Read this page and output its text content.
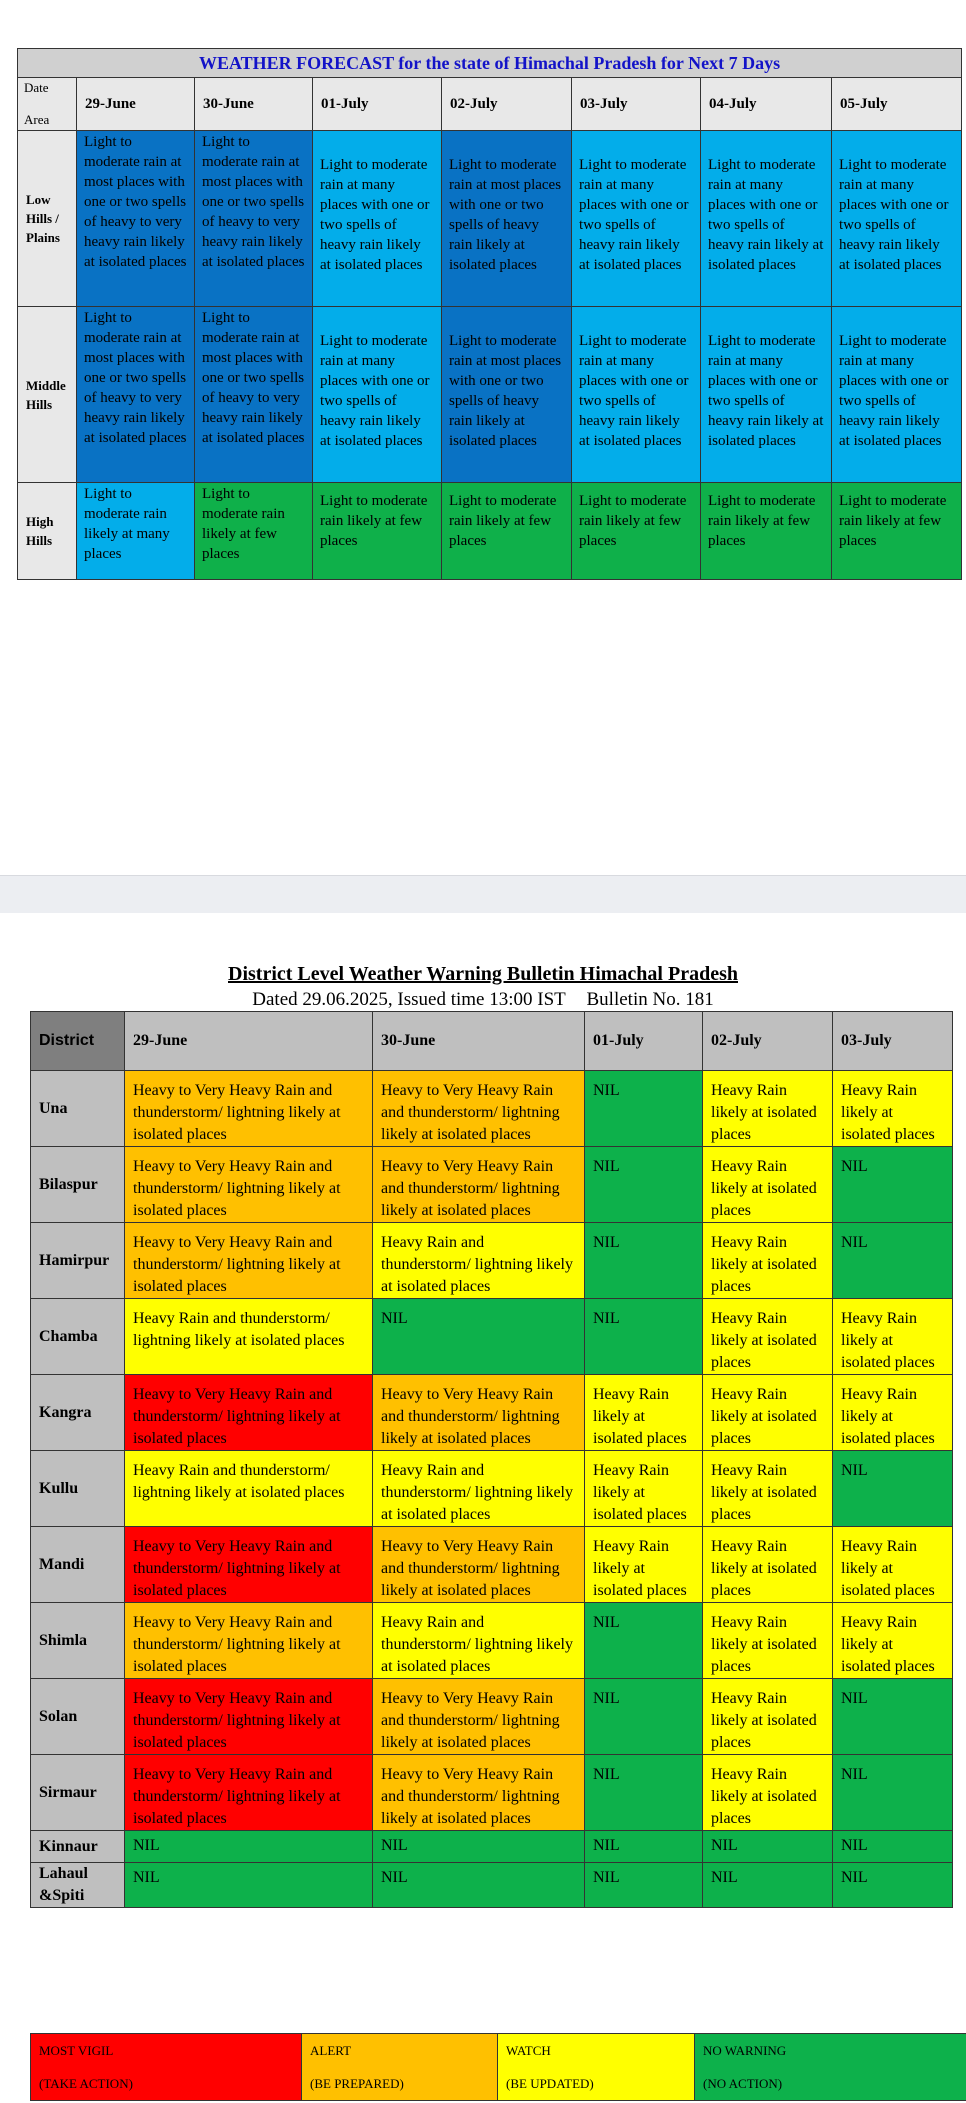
WEATHER FORECAST for the state of Himachal Pradesh for Next 7 Days							

Date
Area	29-June	30-June	01-July	02-July	03-July	04-July	05-July
Low Hills / Plains	Light to moderate rain at most places with one or two spells of heavy to very heavy rain likely at isolated places	Light to moderate rain at most places with one or two spells of heavy to very heavy rain likely at isolated places	Light to moderate rain at many places with one or two spells of heavy rain likely at isolated places	Light to moderate rain at most places with one or two spells of heavy rain likely at isolated places	Light to moderate rain at many places with one or two spells of heavy rain likely at isolated places	Light to moderate rain at many places with one or two spells of heavy rain likely at isolated places	Light to moderate rain at many places with one or two spells of heavy rain likely at isolated places
Middle Hills	Light to moderate rain at most places with one or two spells of heavy to very heavy rain likely at isolated places	Light to moderate rain at most places with one or two spells of heavy to very heavy rain likely at isolated places	Light to moderate rain at many places with one or two spells of heavy rain likely at isolated places	Light to moderate rain at most places with one or two spells of heavy rain likely at isolated places	Light to moderate rain at many places with one or two spells of heavy rain likely at isolated places	Light to moderate rain at many places with one or two spells of heavy rain likely at isolated places	Light to moderate rain at many places with one or two spells of heavy rain likely at isolated places
High Hills	Light to moderate rain likely at many places	Light to moderate rain likely at few places	Light to moderate rain likely at few places	Light to moderate rain likely at few places	Light to moderate rain likely at few places	Light to moderate rain likely at few places	Light to moderate rain likely at few places
District Level Weather Warning Bulletin Himachal Pradesh
Dated 29.06.2025, Issued time 13:00 IST Bulletin No. 181
District	29-June	30-June	01-July	02-July	03-July
Una	Heavy to Very Heavy Rain and thunderstorm/ lightning likely at isolated places	Heavy to Very Heavy Rain and thunderstorm/ lightning likely at isolated places	NIL	Heavy Rain likely at isolated places	Heavy Rain likely at isolated places
Bilaspur	Heavy to Very Heavy Rain and thunderstorm/ lightning likely at isolated places	Heavy to Very Heavy Rain and thunderstorm/ lightning likely at isolated places	NIL	Heavy Rain likely at isolated places	NIL
Hamirpur	Heavy to Very Heavy Rain and thunderstorm/ lightning likely at isolated places	Heavy Rain and thunderstorm/ lightning likely at isolated places	NIL	Heavy Rain likely at isolated places	NIL
Chamba	Heavy Rain and thunderstorm/ lightning likely at isolated places	NIL	NIL	Heavy Rain likely at isolated places	Heavy Rain likely at isolated places
Kangra	Heavy to Very Heavy Rain and thunderstorm/ lightning likely at isolated places	Heavy to Very Heavy Rain and thunderstorm/ lightning likely at isolated places	Heavy Rain likely at isolated places	Heavy Rain likely at isolated places	Heavy Rain likely at isolated places
Kullu	Heavy Rain and thunderstorm/ lightning likely at isolated places	Heavy Rain and thunderstorm/ lightning likely at isolated places	Heavy Rain likely at isolated places	Heavy Rain likely at isolated places	NIL
Mandi	Heavy to Very Heavy Rain and thunderstorm/ lightning likely at isolated places	Heavy to Very Heavy Rain and thunderstorm/ lightning likely at isolated places	Heavy Rain likely at isolated places	Heavy Rain likely at isolated places	Heavy Rain likely at isolated places
Shimla	Heavy to Very Heavy Rain and thunderstorm/ lightning likely at isolated places	Heavy Rain and thunderstorm/ lightning likely at isolated places	NIL	Heavy Rain likely at isolated places	Heavy Rain likely at isolated places
Solan	Heavy to Very Heavy Rain and thunderstorm/ lightning likely at isolated places	Heavy to Very Heavy Rain and thunderstorm/ lightning likely at isolated places	NIL	Heavy Rain likely at isolated places	NIL
Sirmaur	Heavy to Very Heavy Rain and thunderstorm/ lightning likely at isolated places	Heavy to Very Heavy Rain and thunderstorm/ lightning likely at isolated places	NIL	Heavy Rain likely at isolated places	NIL
Kinnaur	NIL	NIL	NIL	NIL	NIL
Lahaul &Spiti	NIL	NIL	NIL	NIL	NIL
MOST VIGIL
(TAKE ACTION)

ALERT
(BE PREPARED)

WATCH
(BE UPDATED)

NO WARNING
(NO ACTION)
